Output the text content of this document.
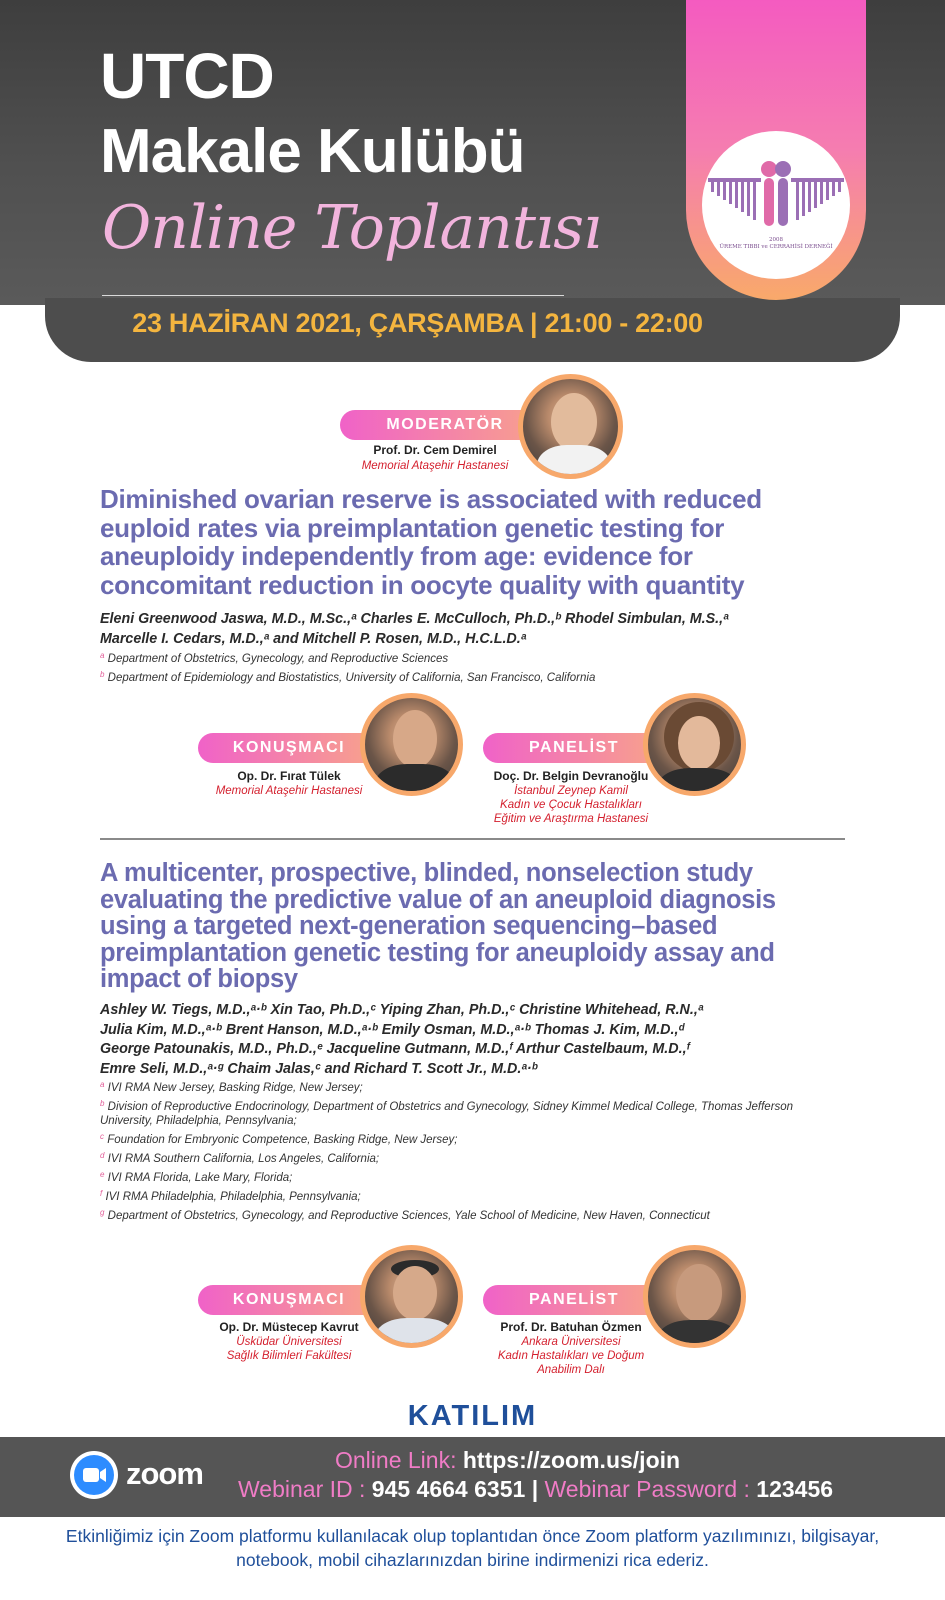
23 HAZİRAN 2021, ÇARŞAMBA | 21:00 - 22:00
UTCD
Makale Kulübü
Online Toplantısı	2008
ÜREME TIBBI ve CERRAHİSİ DERNEĞİ
MODERATÖR
Prof. Dr. Cem Demirel
Memorial Ataşehir Hastanesi
Diminished ovarian reserve is associated with reduced euploid rates via preimplantation genetic testing for aneuploidy independently from age: evidence for concomitant reduction in oocyte quality with quantity
Eleni Greenwood Jaswa, M.D., M.Sc.,ᵃ Charles E. McCulloch, Ph.D.,ᵇ Rhodel Simbulan, M.S.,ᵃ
Marcelle I. Cedars, M.D.,ᵃ and Mitchell P. Rosen, M.D., H.C.L.D.ᵃ
$^a$ Department of Obstetrics, Gynecology, and Reproductive Sciences
$^b$ Department of Epidemiology and Biostatistics, University of California, San Francisco, California
KONUŞMACI
Op. Dr. Fırat Tülek
Memorial Ataşehir Hastanesi
PANELİST
Doç. Dr. Belgin Devranoğlu
İstanbul Zeynep Kamil
Kadın ve Çocuk Hastalıkları
Eğitim ve Araştırma Hastanesi
A multicenter, prospective, blinded, nonselection study evaluating the predictive value of an aneuploid diagnosis using a targeted next-generation sequencing–based preimplantation genetic testing for aneuploidy assay and impact of biopsy
Ashley W. Tiegs, M.D.,ᵃ·ᵇ Xin Tao, Ph.D.,ᶜ Yiping Zhan, Ph.D.,ᶜ Christine Whitehead, R.N.,ᵃ
Julia Kim, M.D.,ᵃ·ᵇ Brent Hanson, M.D.,ᵃ·ᵇ Emily Osman, M.D.,ᵃ·ᵇ Thomas J. Kim, M.D.,ᵈ
George Patounakis, M.D., Ph.D.,ᵉ Jacqueline Gutmann, M.D.,ᶠ Arthur Castelbaum, M.D.,ᶠ
Emre Seli, M.D.,ᵃ·ᵍ Chaim Jalas,ᶜ and Richard T. Scott Jr., M.D.ᵃ·ᵇ
$^a$ IVI RMA New Jersey, Basking Ridge, New Jersey;
$^b$ Division of Reproductive Endocrinology, Department of Obstetrics and Gynecology, Sidney Kimmel Medical College, Thomas Jefferson University, Philadelphia, Pennsylvania;
$^c$ Foundation for Embryonic Competence, Basking Ridge, New Jersey;
$^d$ IVI RMA Southern California, Los Angeles, California;
$^e$ IVI RMA Florida, Lake Mary, Florida;
$^f$ IVI RMA Philadelphia, Philadelphia, Pennsylvania;
$^g$ Department of Obstetrics, Gynecology, and Reproductive Sciences, Yale School of Medicine, New Haven, Connecticut
KONUŞMACI
Op. Dr. Müstecep Kavrut
Üsküdar Üniversitesi
Sağlık Bilimleri Fakültesi
PANELİST
Prof. Dr. Batuhan Özmen
Ankara Üniversitesi
Kadın Hastalıkları ve Doğum
Anabilim Dalı
KATILIM
zoom	Online Link: https://zoom.us/join
Webinar ID : 945 4664 6351 | Webinar Password : 123456
Etkinliğimiz için Zoom platformu kullanılacak olup toplantıdan önce Zoom platform yazılımınızı, bilgisayar,
notebook, mobil cihazlarınızdan birine indirmenizi rica ederiz.
